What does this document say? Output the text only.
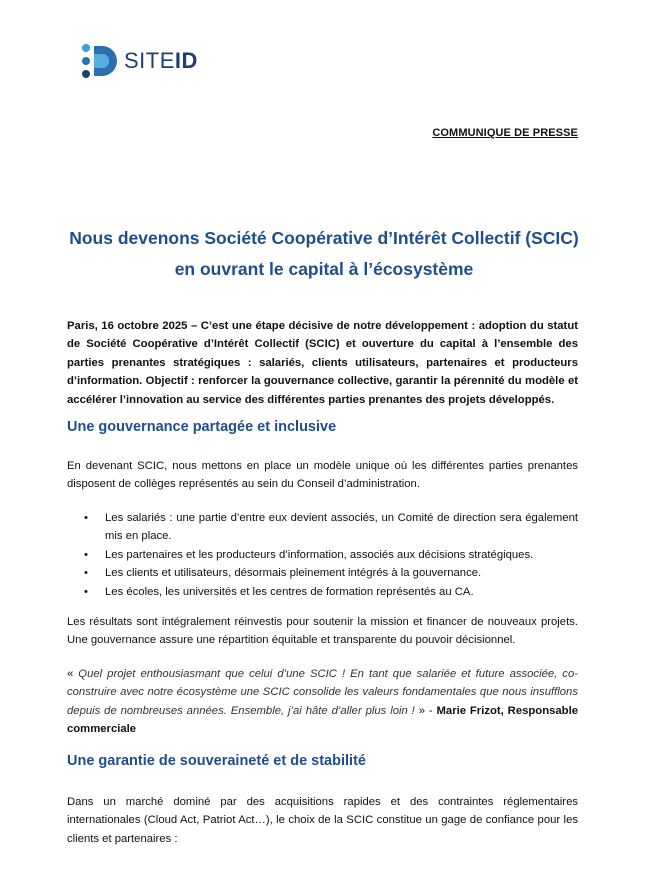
SITEID
COMMUNIQUE DE PRESSE
Nous devenons Société Coopérative d’Intérêt Collectif (SCIC)
en ouvrant le capital à l’écosystème
Paris, 16 octobre 2025 – C’est une étape décisive de notre développement : adoption du statut de Société Coopérative d’Intérêt Collectif (SCIC) et ouverture du capital à l’ensemble des parties prenantes stratégiques : salariés, clients utilisateurs, partenaires et producteurs d’information. Objectif : renforcer la gouvernance collective, garantir la pérennité du modèle et accélérer l’innovation au service des différentes parties prenantes des projets développés.
Une gouvernance partagée et inclusive
En devenant SCIC, nous mettons en place un modèle unique où les différentes parties prenantes disposent de collèges représentés au sein du Conseil d’administration.
• Les salariés : une partie d’entre eux devient associés, un Comité de direction sera également mis en place.
• Les partenaires et les producteurs d’information, associés aux décisions stratégiques.
• Les clients et utilisateurs, désormais pleinement intégrés à la gouvernance.
• Les écoles, les universités et les centres de formation représentés au CA.
Les résultats sont intégralement réinvestis pour soutenir la mission et financer de nouveaux projets. Une gouvernance assure une répartition équitable et transparente du pouvoir décisionnel.
« Quel projet enthousiasmant que celui d’une SCIC ! En tant que salariée et future associée, co-construire avec notre écosystème une SCIC consolide les valeurs fondamentales que nous insufflons depuis de nombreuses années. Ensemble, j’ai hâte d’aller plus loin ! » - Marie Frizot, Responsable commerciale
Une garantie de souveraineté et de stabilité
Dans un marché dominé par des acquisitions rapides et des contraintes réglementaires internationales (Cloud Act, Patriot Act…), le choix de la SCIC constitue un gage de confiance pour les clients et partenaires :
